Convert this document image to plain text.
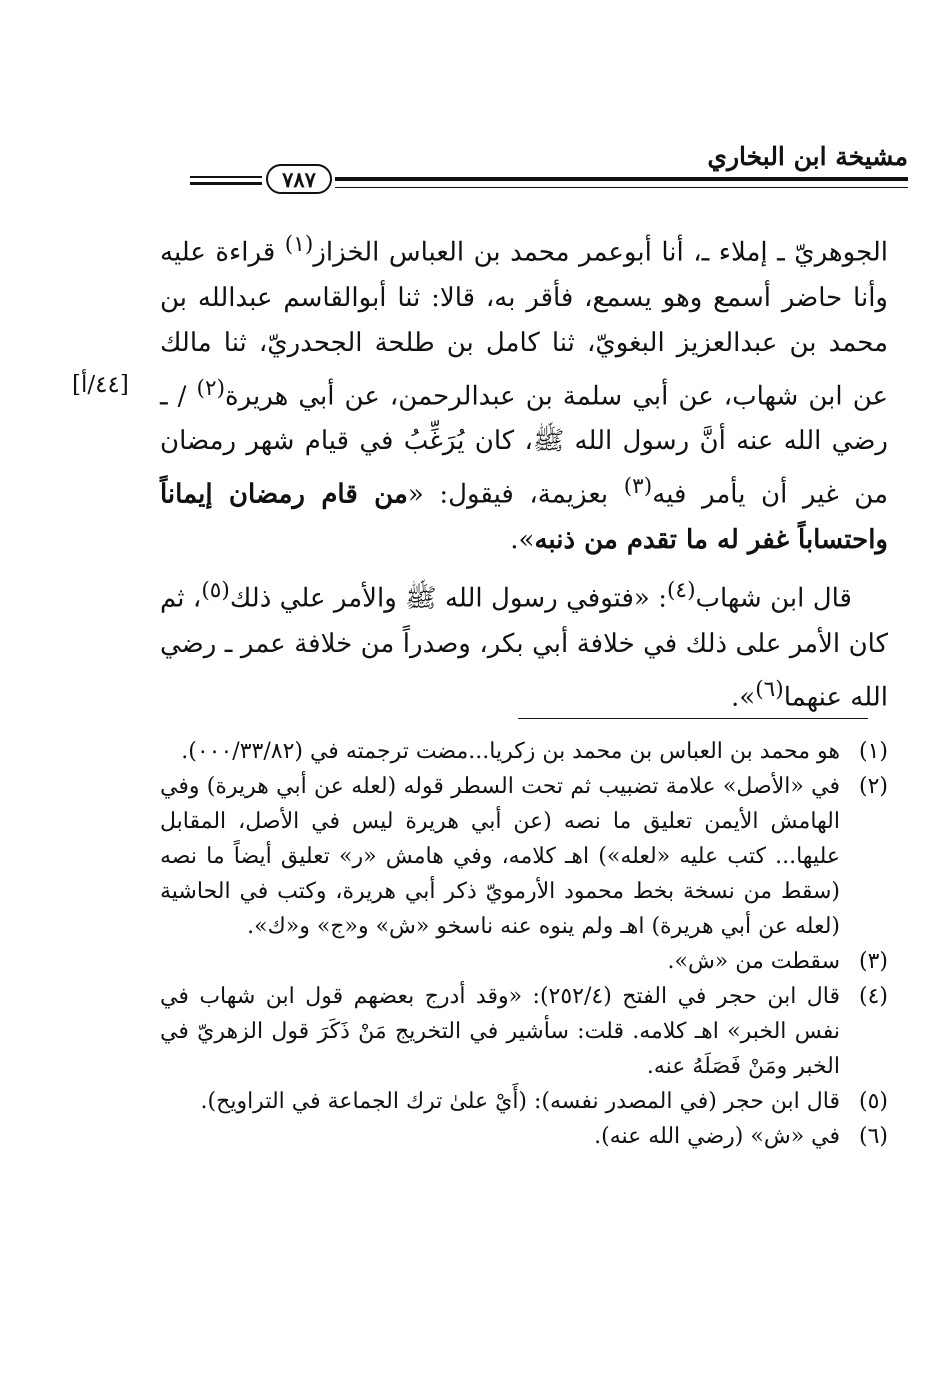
مشيخة ابن البخاري
٧٨٧
[٤٤/أ]

الجوهريّ ـ إملاء ـ، أنا أبوعمر محمد بن العباس الخزاز$^{(١)}$ قراءة عليه وأنا حاضر أسمع وهو يسمع، فأقر به، قالا: ثنا أبوالقاسم عبدالله بن محمد بن عبدالعزيز البغويّ، ثنا كامل بن طلحة الجحدريّ، ثنا مالك عن ابن شهاب، عن أبي سلمة بن عبدالرحمن، عن أبي هريرة$^{(٢)}$ / ـ رضي الله عنه أنَّ رسول الله ﷺ، كان يُرَغِّبُ في قيام شهر رمضان من غير أن يأمر فيه$^{(٣)}$ بعزيمة، فيقول: «من قام رمضان إيماناً واحتساباً غفر له ما تقدم من ذنبه».

قال ابن شهاب$^{(٤)}$: «فتوفي رسول الله ﷺ والأمر علي ذلك$^{(٥)}$، ثم كان الأمر على ذلك في خلافة أبي بكر، وصدراً من خلافة عمر ـ رضي الله عنهما$^{(٦)}$».

(١)
هو محمد بن العباس بن محمد بن زكريا...مضت ترجمته في (٠٠٠/٣٣/٨٢).
(٢)
في «الأصل» علامة تضبيب ثم تحت السطر قوله (لعله عن أبي هريرة) وفي الهامش الأيمن تعليق ما نصه (عن أبي هريرة ليس في الأصل، المقابل عليها... كتب عليه «لعله») اهـ كلامه، وفي هامش «ر» تعليق أيضاً ما نصه (سقط من نسخة بخط محمود الأرمويّ ذكر أبي هريرة، وكتب في الحاشية (لعله عن أبي هريرة) اهـ ولم ينوه عنه ناسخو «ش» و«ج» و«ك».
(٣)
سقطت من «ش».
(٤)
قال ابن حجر في الفتح (٢٥٢/٤): «وقد أدرج بعضهم قول ابن شهاب في نفس الخبر» اهـ كلامه. قلت: سأشير في التخريج مَنْ ذَكَرَ قول الزهريّ في الخبر ومَنْ فَصَلَهُ عنه.
(٥)
قال ابن حجر (في المصدر نفسه): (أَيْ علىٰ ترك الجماعة في التراويح).
(٦)
في «ش» (رضي الله عنه).
